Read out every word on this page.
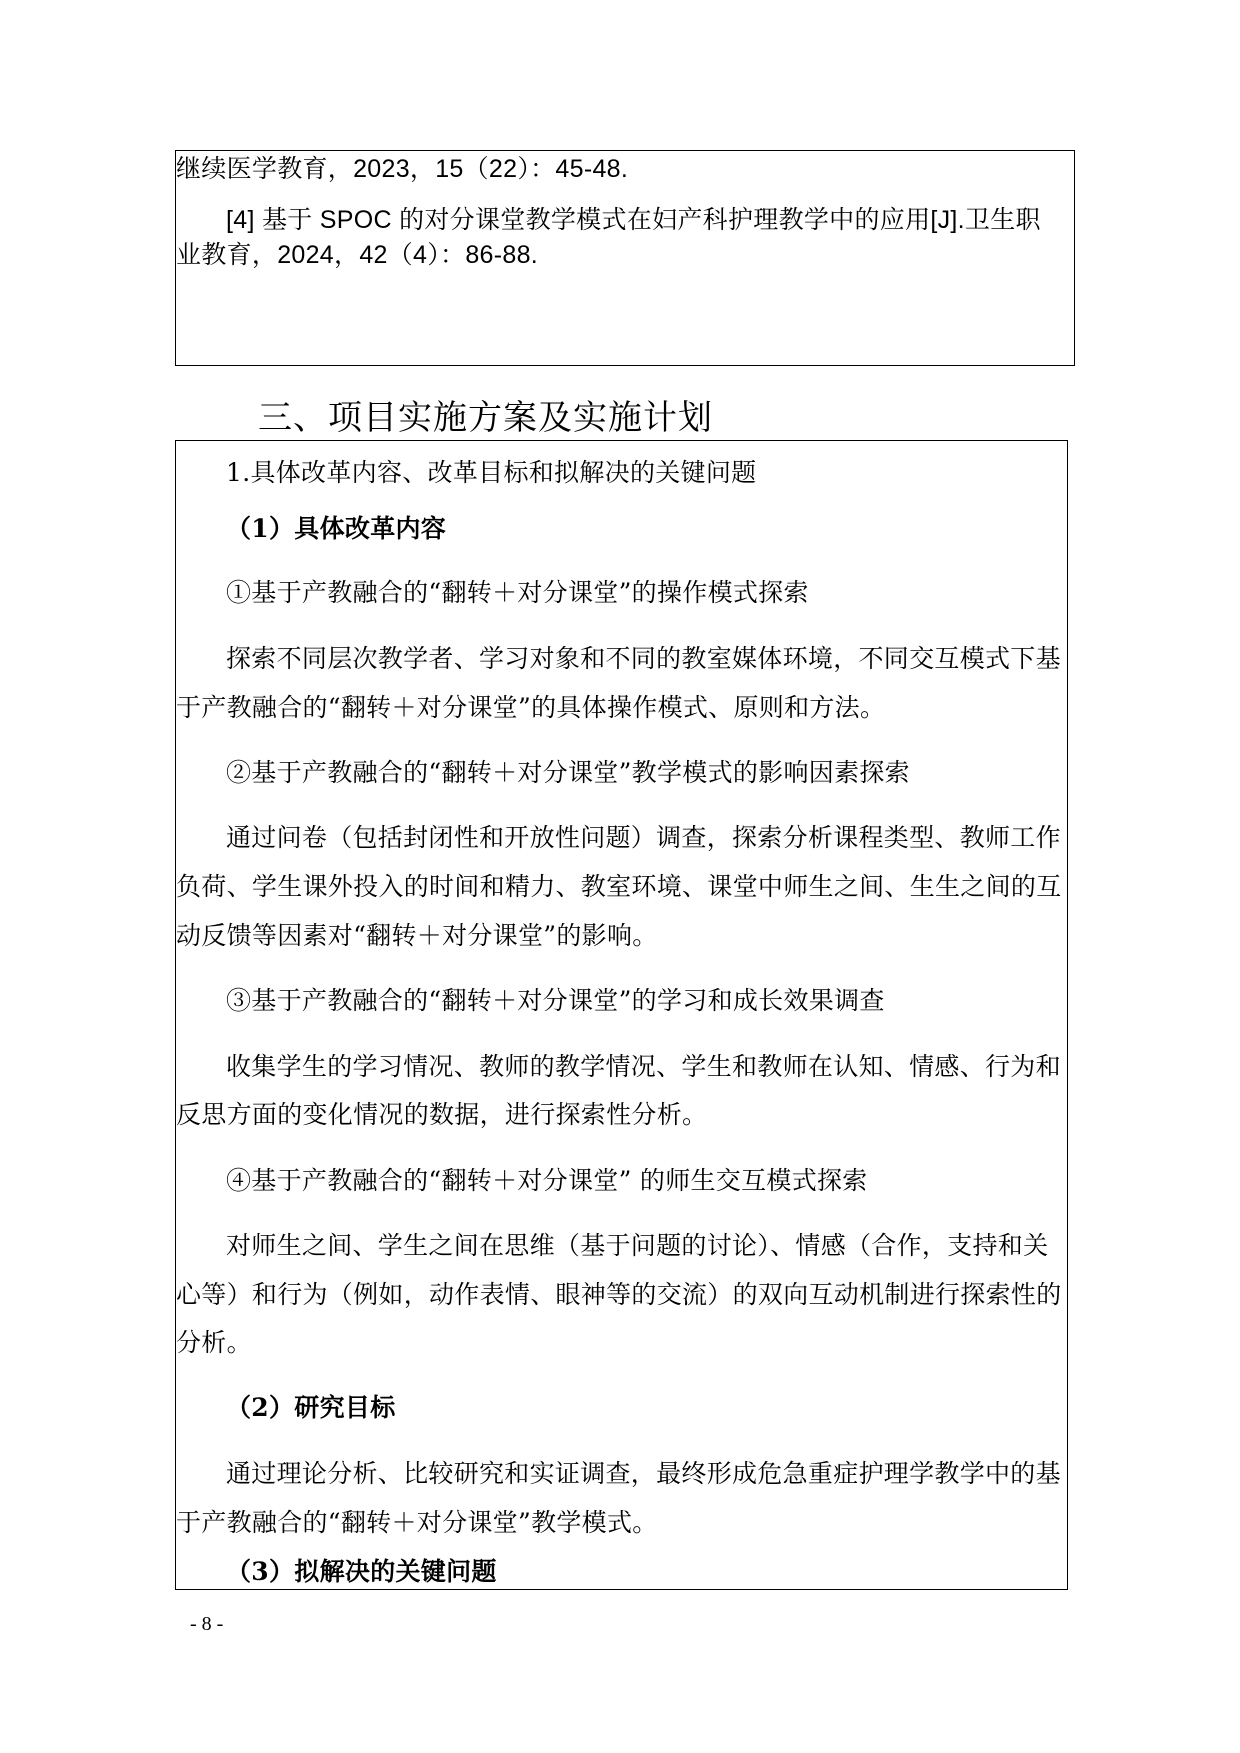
继续医学教育，2023，15（22）：45-48.
[4] 基于 SPOC 的对分课堂教学模式在妇产科护理教学中的应用[J].卫生职
业教育，2024，42（4）：86-88.
三、项目实施方案及实施计划
1.具体改革内容、改革目标和拟解决的关键问题
（1）具体改革内容
①基于产教融合的“翻转＋对分课堂”的操作模式探索
探索不同层次教学者、学习对象和不同的教室媒体环境，不同交互模式下基
于产教融合的“翻转＋对分课堂”的具体操作模式、原则和方法。
②基于产教融合的“翻转＋对分课堂”教学模式的影响因素探索
通过问卷（包括封闭性和开放性问题）调查，探索分析课程类型、教师工作
负荷、学生课外投入的时间和精力、教室环境、课堂中师生之间、生生之间的互
动反馈等因素对“翻转＋对分课堂”的影响。
③基于产教融合的“翻转＋对分课堂”的学习和成长效果调查
收集学生的学习情况、教师的教学情况、学生和教师在认知、情感、行为和
反思方面的变化情况的数据，进行探索性分析。
④基于产教融合的“翻转＋对分课堂” 的师生交互模式探索
对师生之间、学生之间在思维（基于问题的讨论）、情感（合作，支持和关
心等）和行为（例如，动作表情、眼神等的交流）的双向互动机制进行探索性的
分析。
（2）研究目标
通过理论分析、比较研究和实证调查，最终形成危急重症护理学教学中的基
于产教融合的“翻转＋对分课堂”教学模式。
（3）拟解决的关键问题
- 8 -
